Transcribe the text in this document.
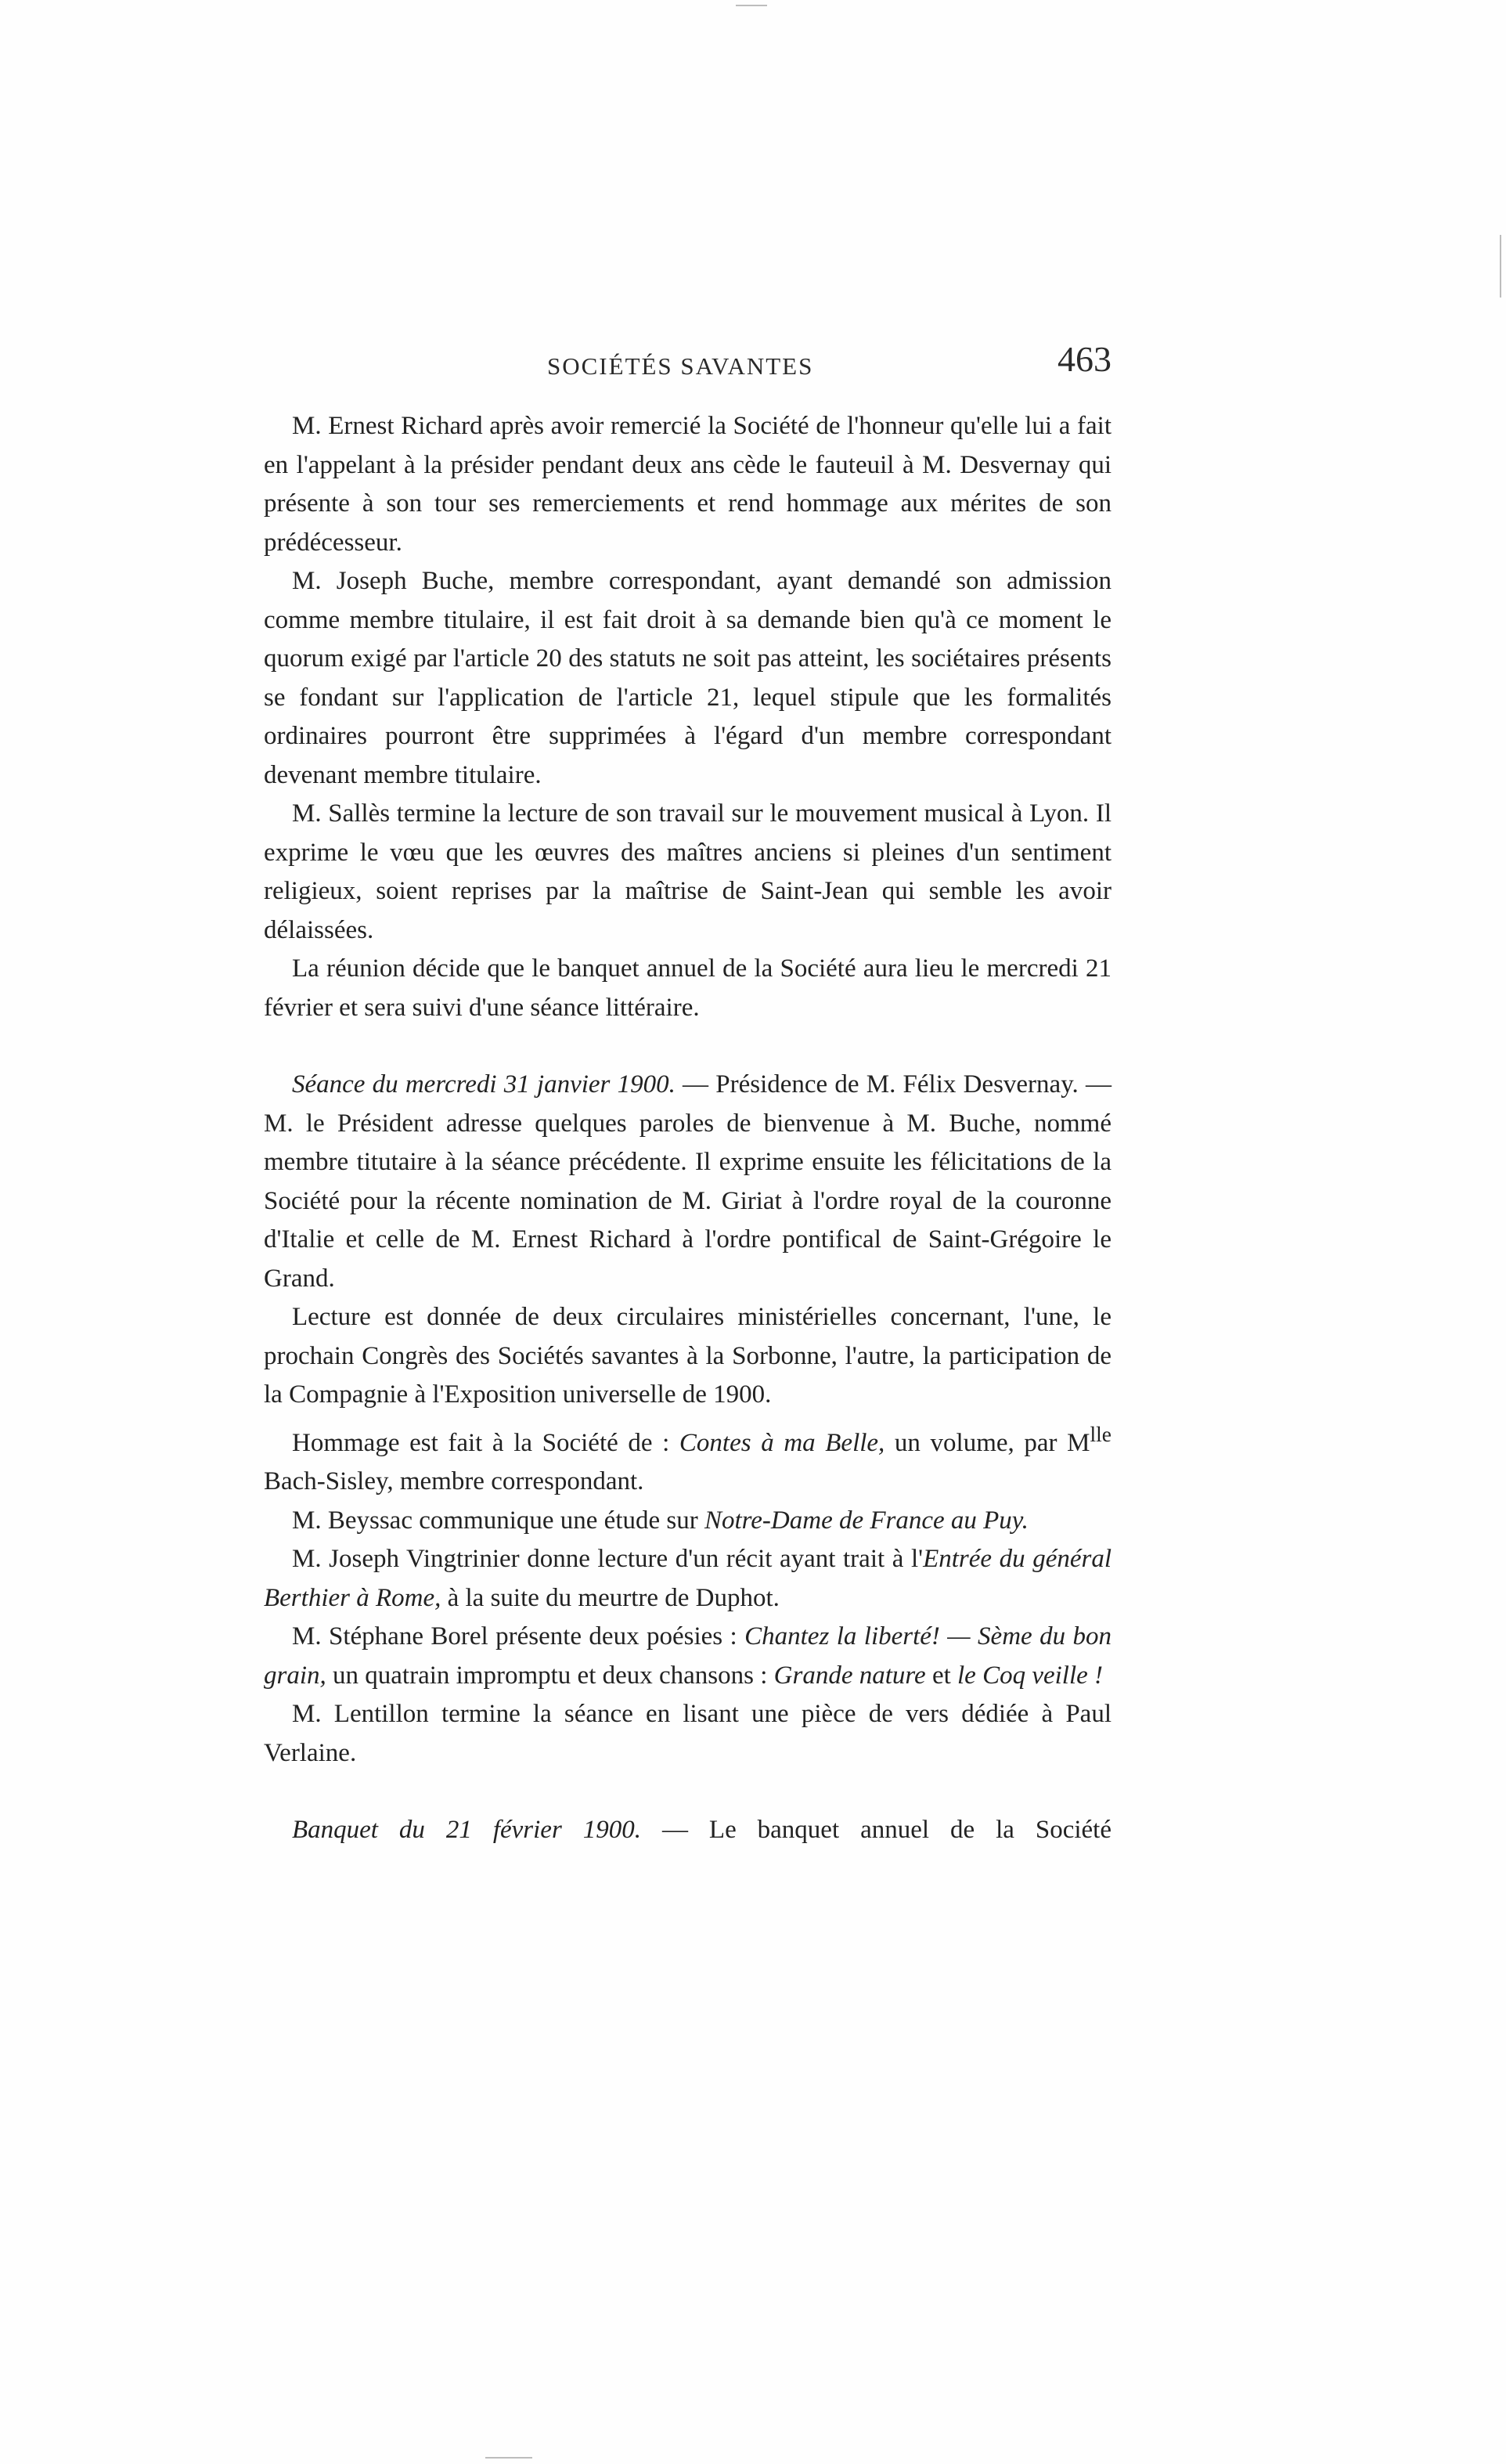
SOCIÉTÉS SAVANTES	463

M. Ernest Richard après avoir remercié la Société de l'honneur qu'elle lui a fait en l'appelant à la présider pendant deux ans cède le fauteuil à M. Desvernay qui présente à son tour ses remerciements et rend hommage aux mérites de son prédécesseur.

M. Joseph Buche, membre correspondant, ayant demandé son admission comme membre titulaire, il est fait droit à sa demande bien qu'à ce moment le quorum exigé par l'article 20 des statuts ne soit pas atteint, les sociétaires présents se fondant sur l'application de l'article 21, lequel stipule que les formalités ordinaires pourront être supprimées à l'égard d'un membre correspondant devenant membre titulaire.

M. Sallès termine la lecture de son travail sur le mouvement musical à Lyon. Il exprime le vœu que les œuvres des maîtres anciens si pleines d'un sentiment religieux, soient reprises par la maîtrise de Saint-Jean qui semble les avoir délaissées.

La réunion décide que le banquet annuel de la Société aura lieu le mercredi 21 février et sera suivi d'une séance littéraire.

Séance du mercredi 31 janvier 1900. — Présidence de M. Félix Desvernay. — M. le Président adresse quelques paroles de bienvenue à M. Buche, nommé membre titutaire à la séance précédente. Il exprime ensuite les félicitations de la Société pour la récente nomination de M. Giriat à l'ordre royal de la couronne d'Italie et celle de M. Ernest Richard à l'ordre pontifical de Saint-Grégoire le Grand.

Lecture est donnée de deux circulaires ministérielles concernant, l'une, le prochain Congrès des Sociétés savantes à la Sorbonne, l'autre, la participation de la Compagnie à l'Exposition universelle de 1900.

Hommage est fait à la Société de : Contes à ma Belle, un volume, par $M^{lle}$ Bach-Sisley, membre correspondant.

M. Beyssac communique une étude sur Notre-Dame de France au Puy.

M. Joseph Vingtrinier donne lecture d'un récit ayant trait à l'Entrée du général Berthier à Rome, à la suite du meurtre de Duphot.

M. Stéphane Borel présente deux poésies : Chantez la liberté! — Sème du bon grain, un quatrain impromptu et deux chansons : Grande nature et le Coq veille !

M. Lentillon termine la séance en lisant une pièce de vers dédiée à Paul Verlaine.

Banquet du 21 février 1900. — Le banquet annuel de la Société
